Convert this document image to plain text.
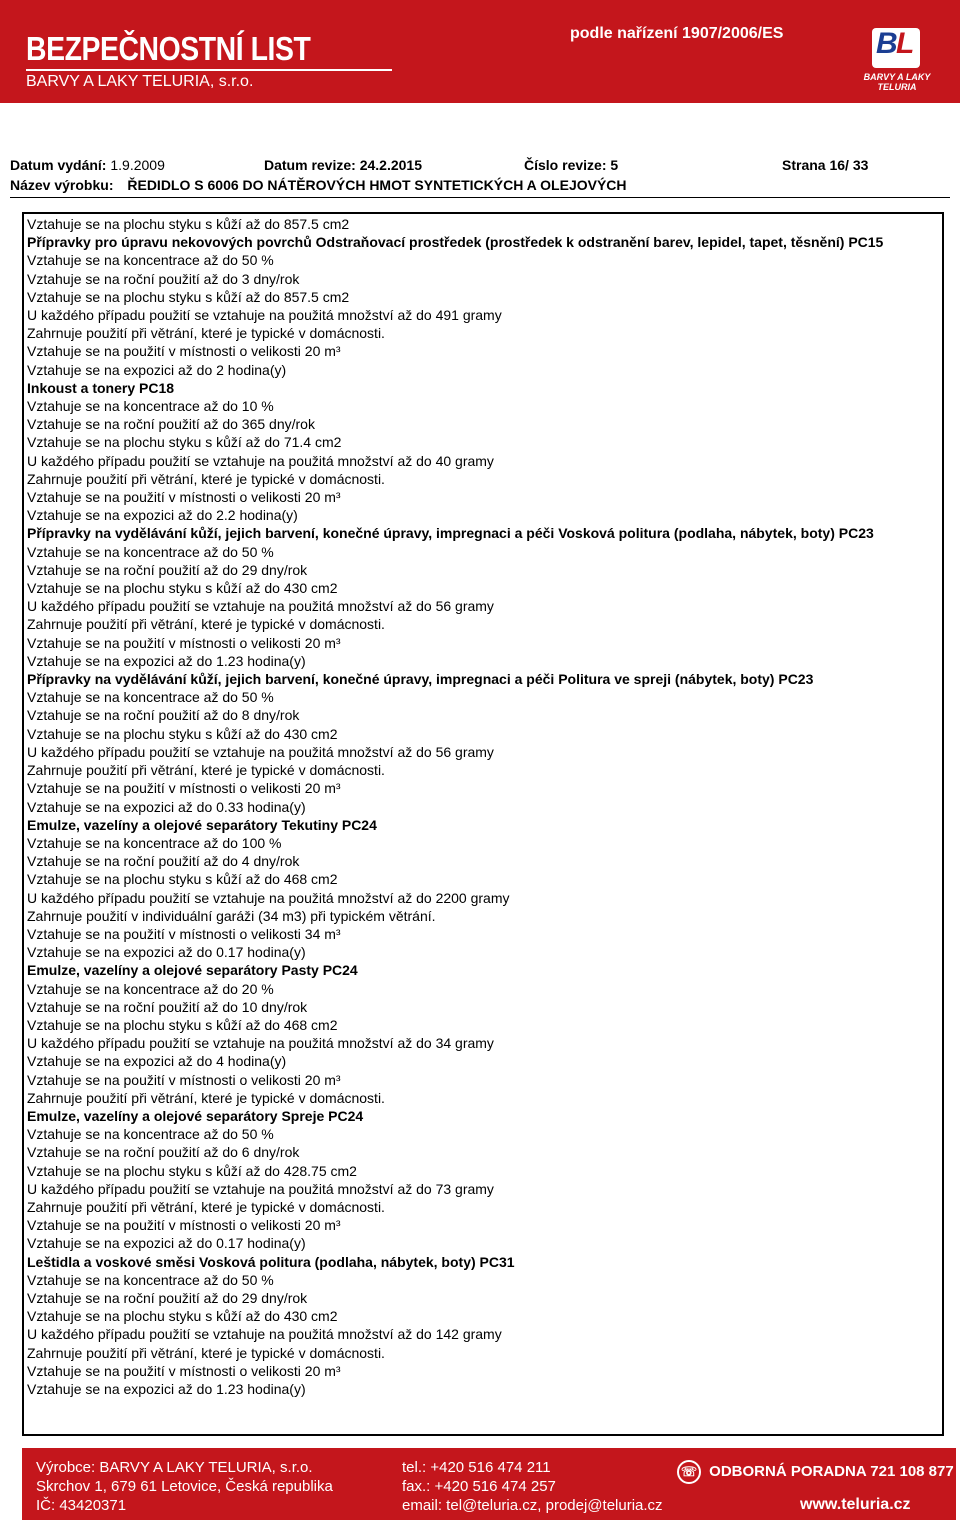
BEZPEČNOSTNÍ LIST
BARVY A LAKY TELURIA, s.r.o.
podle nařízení 1907/2006/ES	B
L
BARVY A LAKY
TELURIA
Datum vydání: 1.9.2009	Datum revize: 24.2.2015	Číslo revize: 5	Strana 16/ 33
Název výrobku: ŘEDIDLO S 6006 DO NÁTĚROVÝCH HMOT SYNTETICKÝCH A OLEJOVÝCH
Vztahuje se na plochu styku s kůží až do 857.5 cm2
Přípravky pro úpravu nekovových povrchů Odstraňovací prostředek (prostředek k odstranění barev, lepidel, tapet, těsnění) PC15
Vztahuje se na koncentrace až do 50 %
Vztahuje se na roční použití až do 3 dny/rok
Vztahuje se na plochu styku s kůží až do 857.5 cm2
U každého případu použití se vztahuje na použitá množství až do 491 gramy
Zahrnuje použití při větrání, které je typické v domácnosti.
Vztahuje se na použití v místnosti o velikosti 20 m³
Vztahuje se na expozici až do 2 hodina(y)
Inkoust a tonery PC18
Vztahuje se na koncentrace až do 10 %
Vztahuje se na roční použití až do 365 dny/rok
Vztahuje se na plochu styku s kůží až do 71.4 cm2
U každého případu použití se vztahuje na použitá množství až do 40 gramy
Zahrnuje použití při větrání, které je typické v domácnosti.
Vztahuje se na použití v místnosti o velikosti 20 m³
Vztahuje se na expozici až do 2.2 hodina(y)
Přípravky na vydělávání kůží, jejich barvení, konečné úpravy, impregnaci a péči Vosková politura (podlaha, nábytek, boty) PC23
Vztahuje se na koncentrace až do 50 %
Vztahuje se na roční použití až do 29 dny/rok
Vztahuje se na plochu styku s kůží až do 430 cm2
U každého případu použití se vztahuje na použitá množství až do 56 gramy
Zahrnuje použití při větrání, které je typické v domácnosti.
Vztahuje se na použití v místnosti o velikosti 20 m³
Vztahuje se na expozici až do 1.23 hodina(y)
Přípravky na vydělávání kůží, jejich barvení, konečné úpravy, impregnaci a péči Politura ve spreji (nábytek, boty) PC23
Vztahuje se na koncentrace až do 50 %
Vztahuje se na roční použití až do 8 dny/rok
Vztahuje se na plochu styku s kůží až do 430 cm2
U každého případu použití se vztahuje na použitá množství až do 56 gramy
Zahrnuje použití při větrání, které je typické v domácnosti.
Vztahuje se na použití v místnosti o velikosti 20 m³
Vztahuje se na expozici až do 0.33 hodina(y)
Emulze, vazelíny a olejové separátory Tekutiny PC24
Vztahuje se na koncentrace až do 100 %
Vztahuje se na roční použití až do 4 dny/rok
Vztahuje se na plochu styku s kůží až do 468 cm2
U každého případu použití se vztahuje na použitá množství až do 2200 gramy
Zahrnuje použití v individuální garáži (34 m3) při typickém větrání.
Vztahuje se na použití v místnosti o velikosti 34 m³
Vztahuje se na expozici až do 0.17 hodina(y)
Emulze, vazelíny a olejové separátory Pasty PC24
Vztahuje se na koncentrace až do 20 %
Vztahuje se na roční použití až do 10 dny/rok
Vztahuje se na plochu styku s kůží až do 468 cm2
U každého případu použití se vztahuje na použitá množství až do 34 gramy
Vztahuje se na expozici až do 4 hodina(y)
Vztahuje se na použití v místnosti o velikosti 20 m³
Zahrnuje použití při větrání, které je typické v domácnosti.
Emulze, vazelíny a olejové separátory Spreje PC24
Vztahuje se na koncentrace až do 50 %
Vztahuje se na roční použití až do 6 dny/rok
Vztahuje se na plochu styku s kůží až do 428.75 cm2
U každého případu použití se vztahuje na použitá množství až do 73 gramy
Zahrnuje použití při větrání, které je typické v domácnosti.
Vztahuje se na použití v místnosti o velikosti 20 m³
Vztahuje se na expozici až do 0.17 hodina(y)
Leštidla a voskové směsi Vosková politura (podlaha, nábytek, boty) PC31
Vztahuje se na koncentrace až do 50 %
Vztahuje se na roční použití až do 29 dny/rok
Vztahuje se na plochu styku s kůží až do 430 cm2
U každého případu použití se vztahuje na použitá množství až do 142 gramy
Zahrnuje použití při větrání, které je typické v domácnosti.
Vztahuje se na použití v místnosti o velikosti 20 m³
Vztahuje se na expozici až do 1.23 hodina(y)
Výrobce: BARVY A LAKY TELURIA, s.r.o.
Skrchov 1, 679 61 Letovice, Česká republika
IČ: 43420371
tel.: +420 516 474 211
fax.: +420 516 474 257
email: tel@teluria.cz, prodej@teluria.cz
☏ ODBORNÁ PORADNA 721 108 877
www.teluria.cz
